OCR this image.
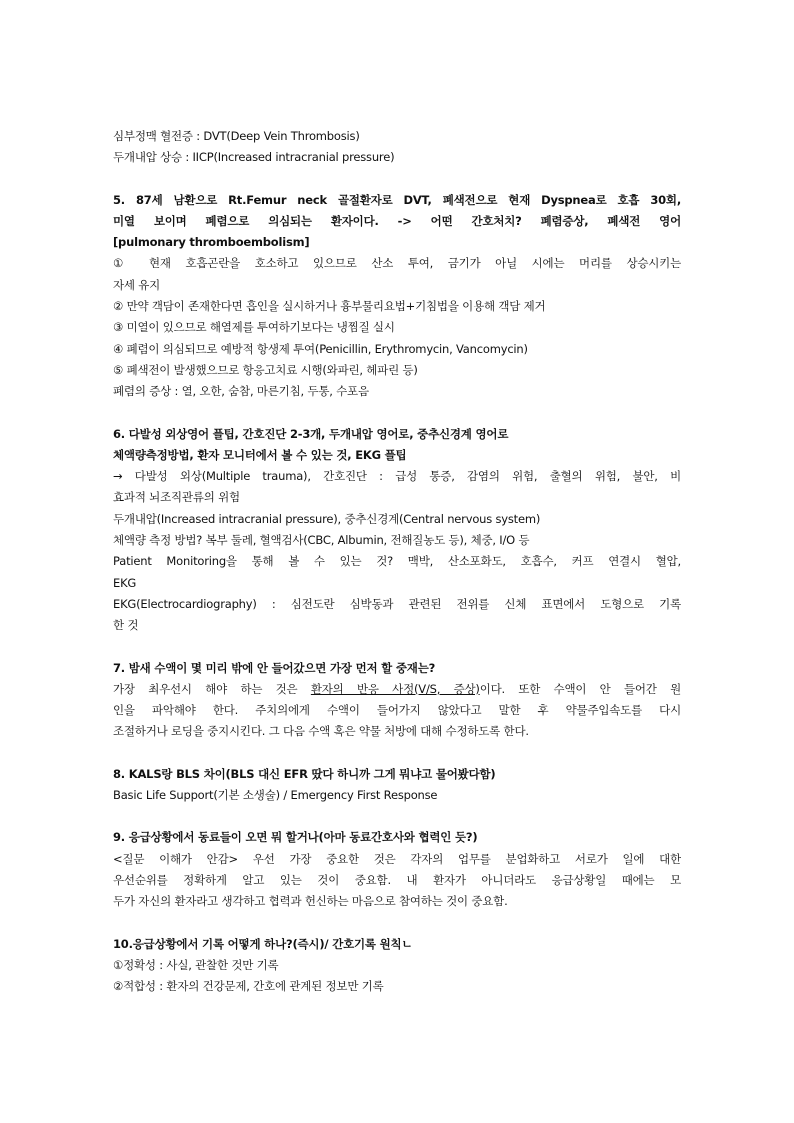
심부정맥 혈전증 : DVT(Deep Vein Thrombosis)
두개내압 상승 : IICP(Increased intracranial pressure)
5. 87세 남환으로 Rt.Femur neck 골절환자로 DVT, 폐색전으로 현재 Dyspnea로 호흡 30회,
미열 보이며 폐렴으로 의심되는 환자이다. -> 어떤 간호처치? 폐렴증상, 폐색전 영어
[pulmonary thromboembolism]
① 현재 호흡곤란을 호소하고 있으므로 산소 투여, 금기가 아닐 시에는 머리를 상승시키는
자세 유지
② 만약 객담이 존재한다면 흡인을 실시하거나 흉부물리요법+기침법을 이용해 객담 제거
③ 미열이 있으므로 해열제를 투여하기보다는 냉찜질 실시
④ 폐렴이 의심되므로 예방적 항생제 투여(Penicillin, Erythromycin, Vancomycin)
⑤ 폐색전이 발생했으므로 항응고치료 시행(와파린, 헤파린 등)
폐렴의 증상 : 열, 오한, 숨참, 마른기침, 두통, 수포음
6. 다발성 외상영어 플팁, 간호진단 2-3개, 두개내압 영어로, 중추신경계 영어로
체액량측정방법, 환자 모니터에서 볼 수 있는 것, EKG 플팁
→ 다발성 외상(Multiple trauma), 간호진단 : 급성 통증, 감염의 위험, 출혈의 위험, 불안, 비
효과적 뇌조직관류의 위험
두개내압(Increased intracranial pressure), 중추신경계(Central nervous system)
체액량 측정 방법? 복부 둘레, 혈액검사(CBC, Albumin, 전해질농도 등), 체중, I/O 등
Patient Monitoring을 통해 볼 수 있는 것? 맥박, 산소포화도, 호흡수, 커프 연결시 혈압,
EKG
EKG(Electrocardiography) : 심전도란 심박동과 관련된 전위를 신체 표면에서 도형으로 기록
한 것
7. 밤새 수액이 몇 미리 밖에 안 들어갔으면 가장 먼저 할 중재는?
가장 최우선시 해야 하는 것은 환자의 반응 사정(V/S, 증상)이다. 또한 수액이 안 들어간 원
인을 파악해야 한다. 주치의에게 수액이 들어가지 않았다고 말한 후 약물주입속도를 다시
조절하거나 로딩을 중지시킨다. 그 다음 수액 혹은 약물 처방에 대해 수정하도록 한다.
8. KALS랑 BLS 차이(BLS 대신 EFR 땄다 하니까 그게 뭐냐고 물어봤다함)
Basic Life Support(기본 소생술) / Emergency First Response
9. 응급상황에서 동료들이 오면 뭐 할거나(아마 동료간호사와 협력인 듯?)
<질문 이해가 안감> 우선 가장 중요한 것은 각자의 업무를 분업화하고 서로가 일에 대한
우선순위를 정확하게 알고 있는 것이 중요함. 내 환자가 아니더라도 응급상황일 때에는 모
두가 자신의 환자라고 생각하고 협력과 헌신하는 마음으로 참여하는 것이 중요함.
10.응급상황에서 기록 어떻게 하나?(즉시)/ 간호기록 원칙ㄴ
①정확성 : 사실, 관찰한 것만 기록
②적합성 : 환자의 건강문제, 간호에 관계된 정보만 기록
